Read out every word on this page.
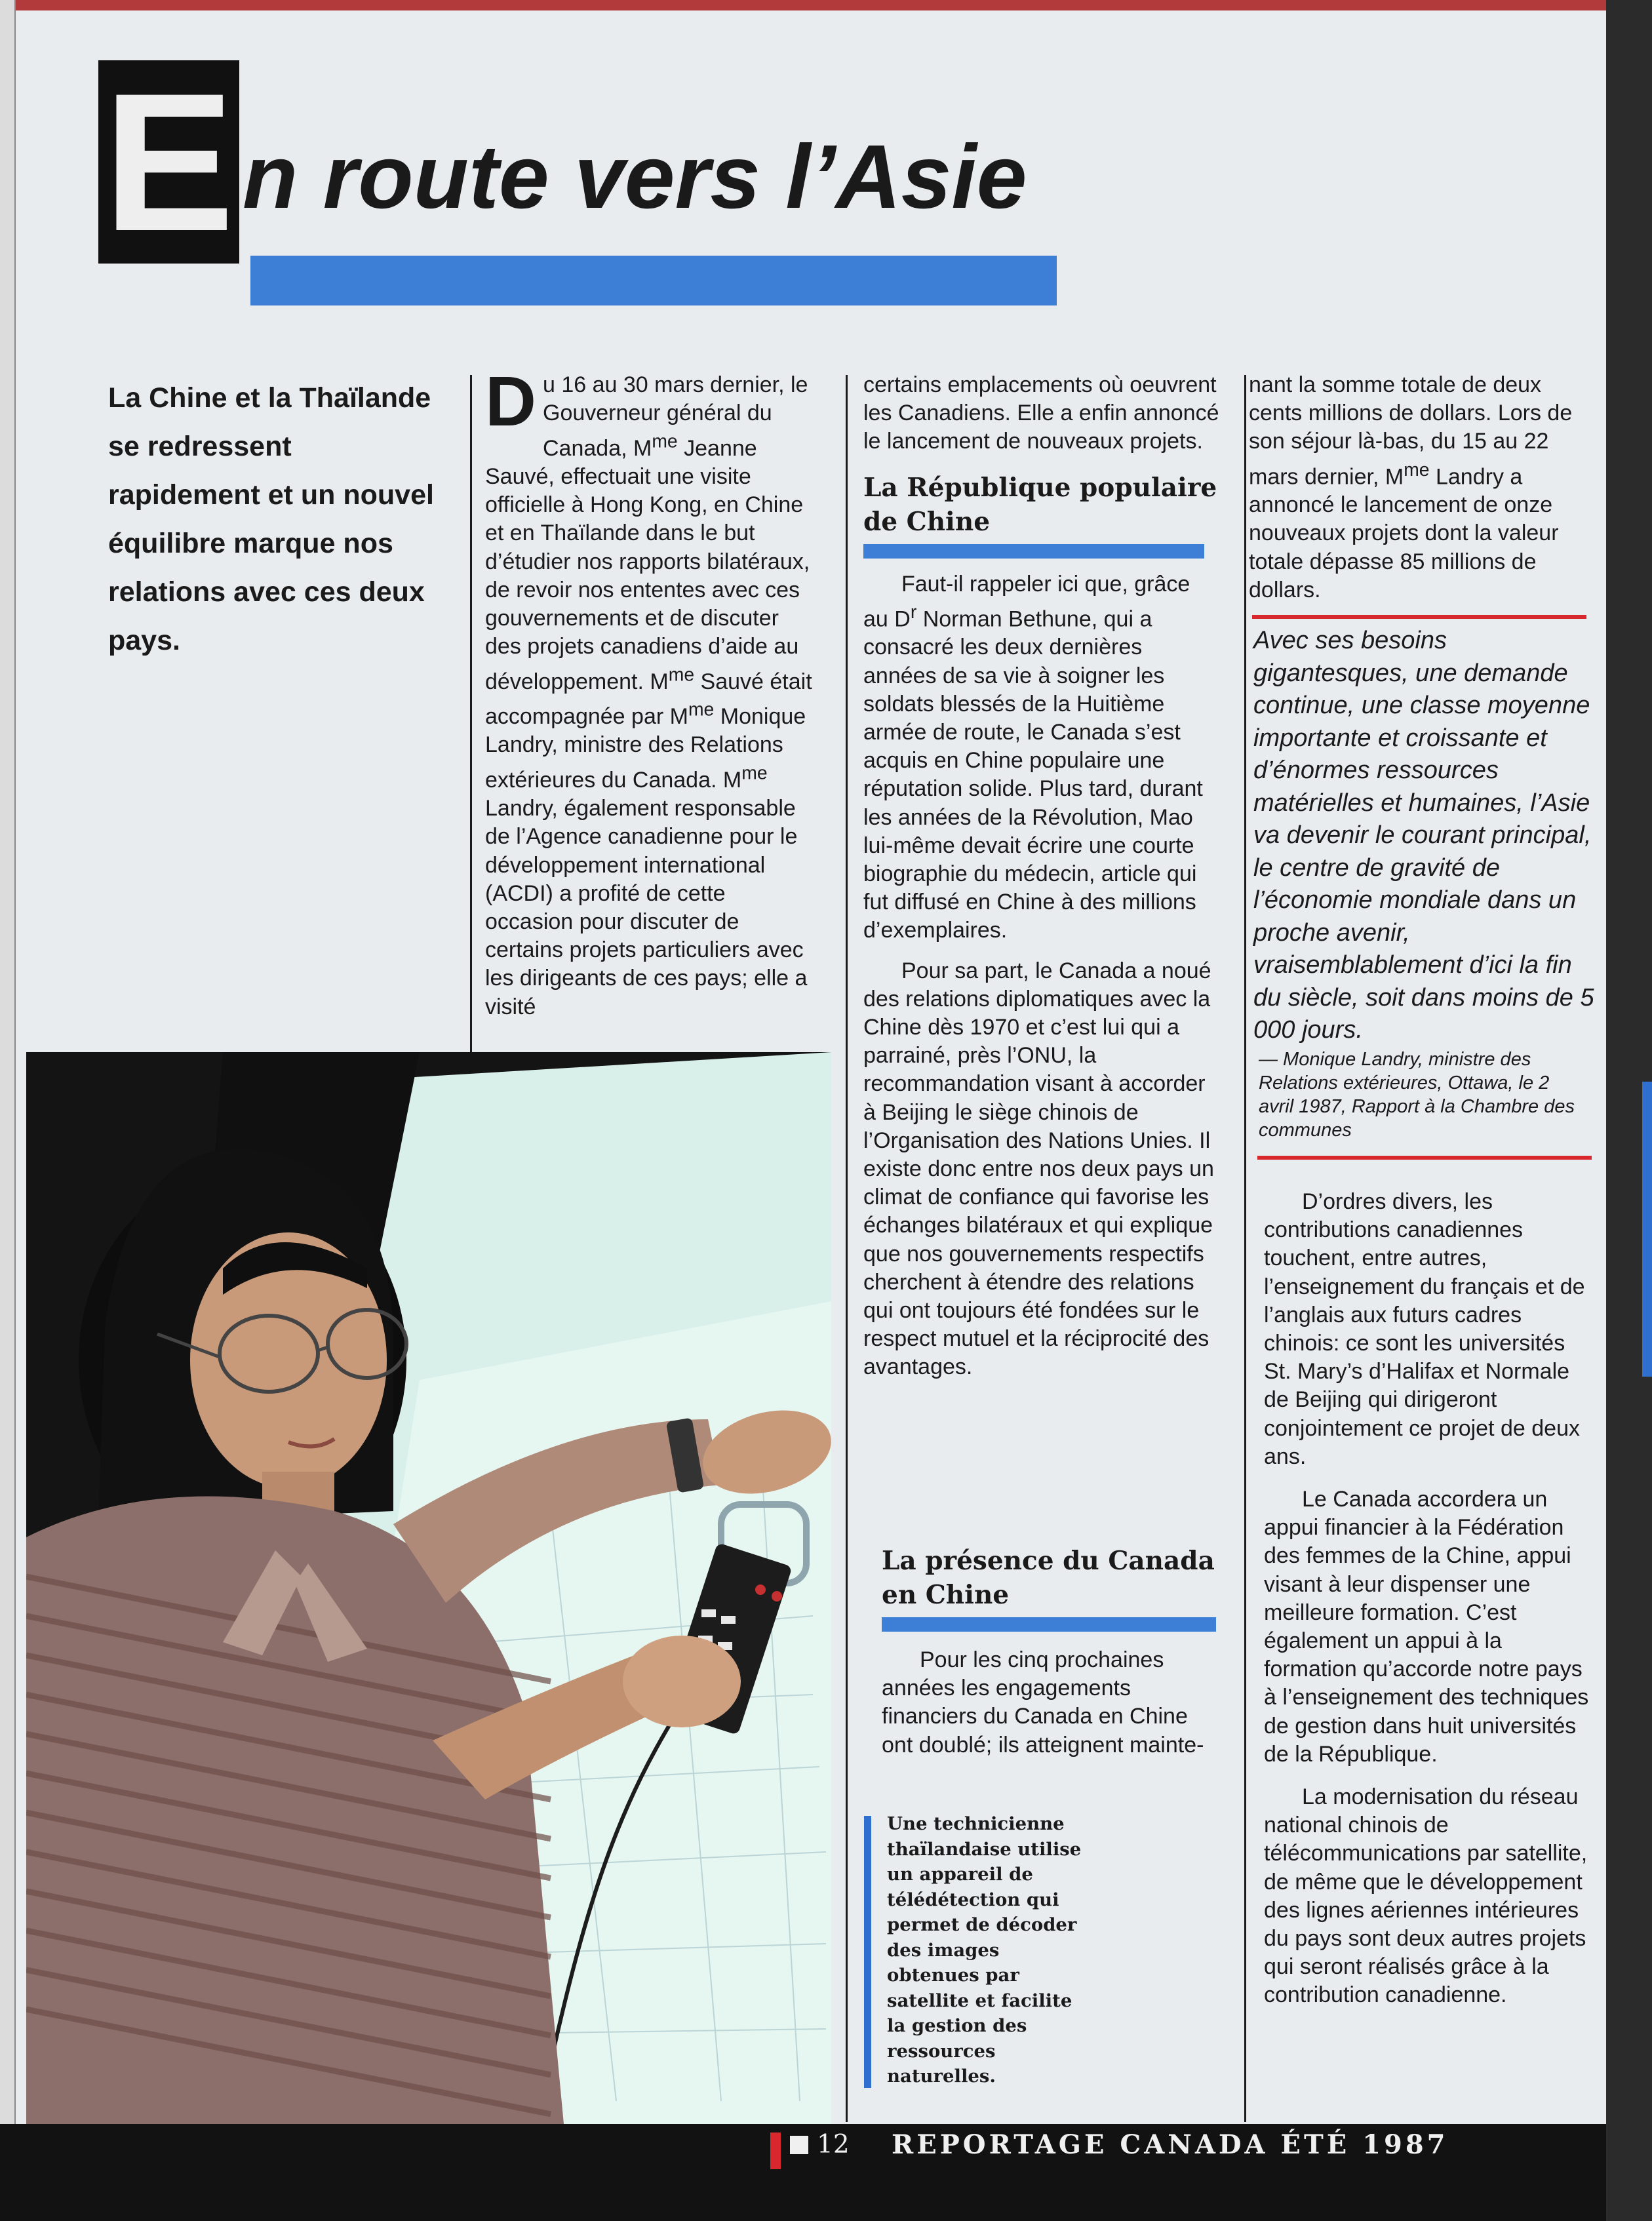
E n route vers l’Asie
La Chine et la Thaïlande se redressent rapidement et un nouvel équilibre marque nos relations avec ces deux pays.
D u 16 au 30 mars dernier, le Gouverneur général du Canada, $M^{me}$ Jeanne Sauvé, effectuait une visite officielle à Hong Kong, en Chine et en Thaïlande dans le but d’étudier nos rapports bilatéraux, de revoir nos ententes avec ces gouvernements et de discuter des projets canadiens d’aide au développement. $M^{me}$ Sauvé était accompagnée par $M^{me}$ Monique Landry, ministre des Relations extérieures du Canada. $M^{me}$ Landry, également responsable de l’Agence canadienne pour le développement international (ACDI) a profité de cette occasion pour discuter de certains projets particuliers avec les dirigeants de ces pays; elle a visité

certains emplacements où oeuvrent les Canadiens. Elle a enfin annoncé le lancement de nouveaux projets.

La République populaire de Chine

Faut-il rappeler ici que, grâce au $D^r$ Norman Bethune, qui a consacré les deux dernières années de sa vie à soigner les soldats blessés de la Huitième armée de route, le Canada s’est acquis en Chine populaire une réputation solide. Plus tard, durant les années de la Révolution, Mao lui-même devait écrire une courte biographie du médecin, article qui fut diffusé en Chine à des millions d’exemplaires.

Pour sa part, le Canada a noué des relations diplomatiques avec la Chine dès 1970 et c’est lui qui a parrainé, près l’ONU, la recommandation visant à accorder à Beijing le siège chinois de l’Organisation des Nations Unies. Il existe donc entre nos deux pays un climat de confiance qui favorise les échanges bilatéraux et qui explique que nos gouvernements respectifs cherchent à étendre des relations qui ont toujours été fondées sur le respect mutuel et la réciprocité des avantages.

La présence du Canada en Chine

Pour les cinq prochaines années les engagements financiers du Canada en Chine ont doublé; ils atteignent mainte-

Une technicienne thaïlandaise utilise un appareil de télédétection qui permet de décoder des images obtenues par satellite et facilite la gestion des ressources naturelles.

nant la somme totale de deux cents millions de dollars. Lors de son séjour là-bas, du 15 au 22 mars dernier, $M^{me}$ Landry a annoncé le lancement de onze nouveaux projets dont la valeur totale dépasse 85 millions de dollars.

Avec ses besoins gigantesques, une demande continue, une classe moyenne importante et croissante et d’énormes ressources matérielles et humaines, l’Asie va devenir le courant principal, le centre de gravité de l’économie mondiale dans un proche avenir, vraisemblablement d’ici la fin du siècle, soit dans moins de 5 000 jours.
— Monique Landry, ministre des Relations extérieures, Ottawa, le 2 avril 1987, Rapport à la Chambre des communes

D’ordres divers, les contributions canadiennes touchent, entre autres, l’enseignement du français et de l’anglais aux futurs cadres chinois: ce sont les universités St. Mary’s d’Halifax et Normale de Beijing qui dirigeront conjointement ce projet de deux ans.

Le Canada accordera un appui financier à la Fédération des femmes de la Chine, appui visant à leur dispenser une meilleure formation. C’est également un appui à la formation qu’accorde notre pays à l’enseignement des techniques de gestion dans huit universités de la République.

La modernisation du réseau national chinois de télécommunications par satellite, de même que le développement des lignes aériennes intérieures du pays sont deux autres projets qui seront réalisés grâce à la contribution canadienne.

12 REPORTAGE CANADA ÉTÉ 1987
